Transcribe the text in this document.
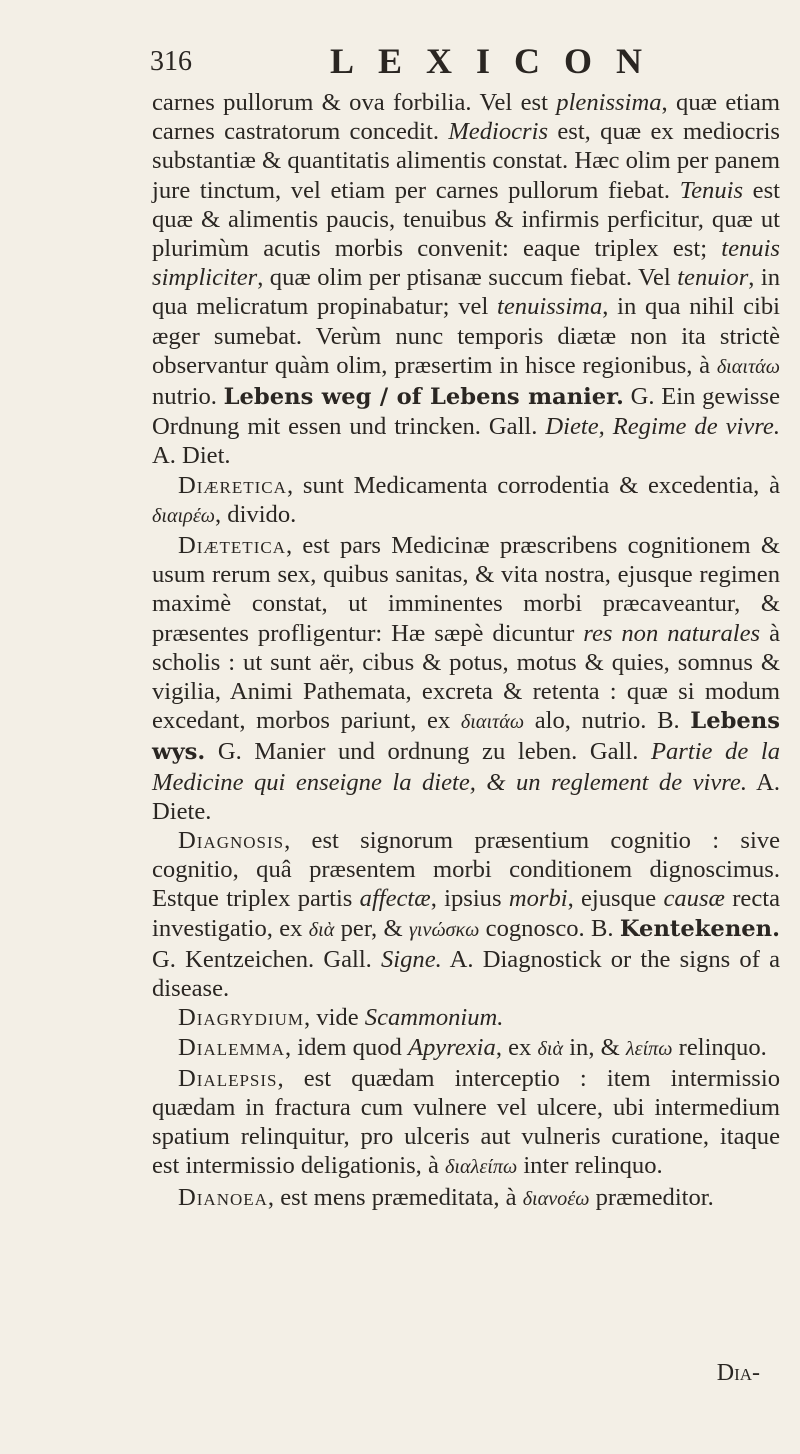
316	LEXICON

carnes pullorum & ova forbilia. Vel est plenissima, quæ etiam carnes castratorum concedit. Mediocris est, quæ ex mediocris substantiæ & quantitatis alimentis constat. Hæc olim per panem jure tinctum, vel etiam per carnes pullorum fiebat. Tenuis est quæ & alimentis paucis, tenuibus & infirmis perficitur, quæ ut plurimùm acutis morbis convenit: eaque triplex est; tenuis simpliciter, quæ olim per ptisanæ succum fiebat. Vel tenuior, in qua melicratum propinabatur; vel tenuissima, in qua nihil cibi æger sumebat. Verùm nunc temporis diætæ non ita strictè observantur quàm olim, præsertim in hisce regionibus, à διαιτάω nutrio. Lebens weg / of Lebens manier. G. Ein gewisse Ordnung mit essen und trincken. Gall. Diete, Regime de vivre. A. Diet.

Diæretica, sunt Medicamenta corrodentia & excedentia, à διαιρέω, divido.

Diætetica, est pars Medicinæ præscribens cognitionem & usum rerum sex, quibus sanitas, & vita nostra, ejusque regimen maximè constat, ut imminentes morbi præcaveantur, & præsentes profligentur: Hæ sæpè dicuntur res non naturales à scholis : ut sunt aër, cibus & potus, motus & quies, somnus & vigilia, Animi Pathemata, excreta & retenta : quæ si modum excedant, morbos pariunt, ex διαιτάω alo, nutrio. B. Lebens wys. G. Manier und ordnung zu leben. Gall. Partie de la Medicine qui enseigne la diete, & un reglement de vivre. A. Diete.

Diagnosis, est signorum præsentium cognitio : sive cognitio, quâ præsentem morbi conditionem dignoscimus. Estque triplex partis affectæ, ipsius morbi, ejusque causæ recta investigatio, ex διὰ per, & γινώσκω cognosco. B. Kentekenen. G. Kentzeichen. Gall. Signe. A. Diagnostick or the signs of a disease.

Diagrydium, vide Scammonium.

Dialemma, idem quod Apyrexia, ex διὰ in, & λείπω relinquo.

Dialepsis, est quædam interceptio : item intermissio quædam in fractura cum vulnere vel ulcere, ubi intermedium spatium relinquitur, pro ulceris aut vulneris curatione, itaque est intermissio deligationis, à διαλείπω inter relinquo.

Dianoea, est mens præmeditata, à διανοέω præmeditor.

Dia-
